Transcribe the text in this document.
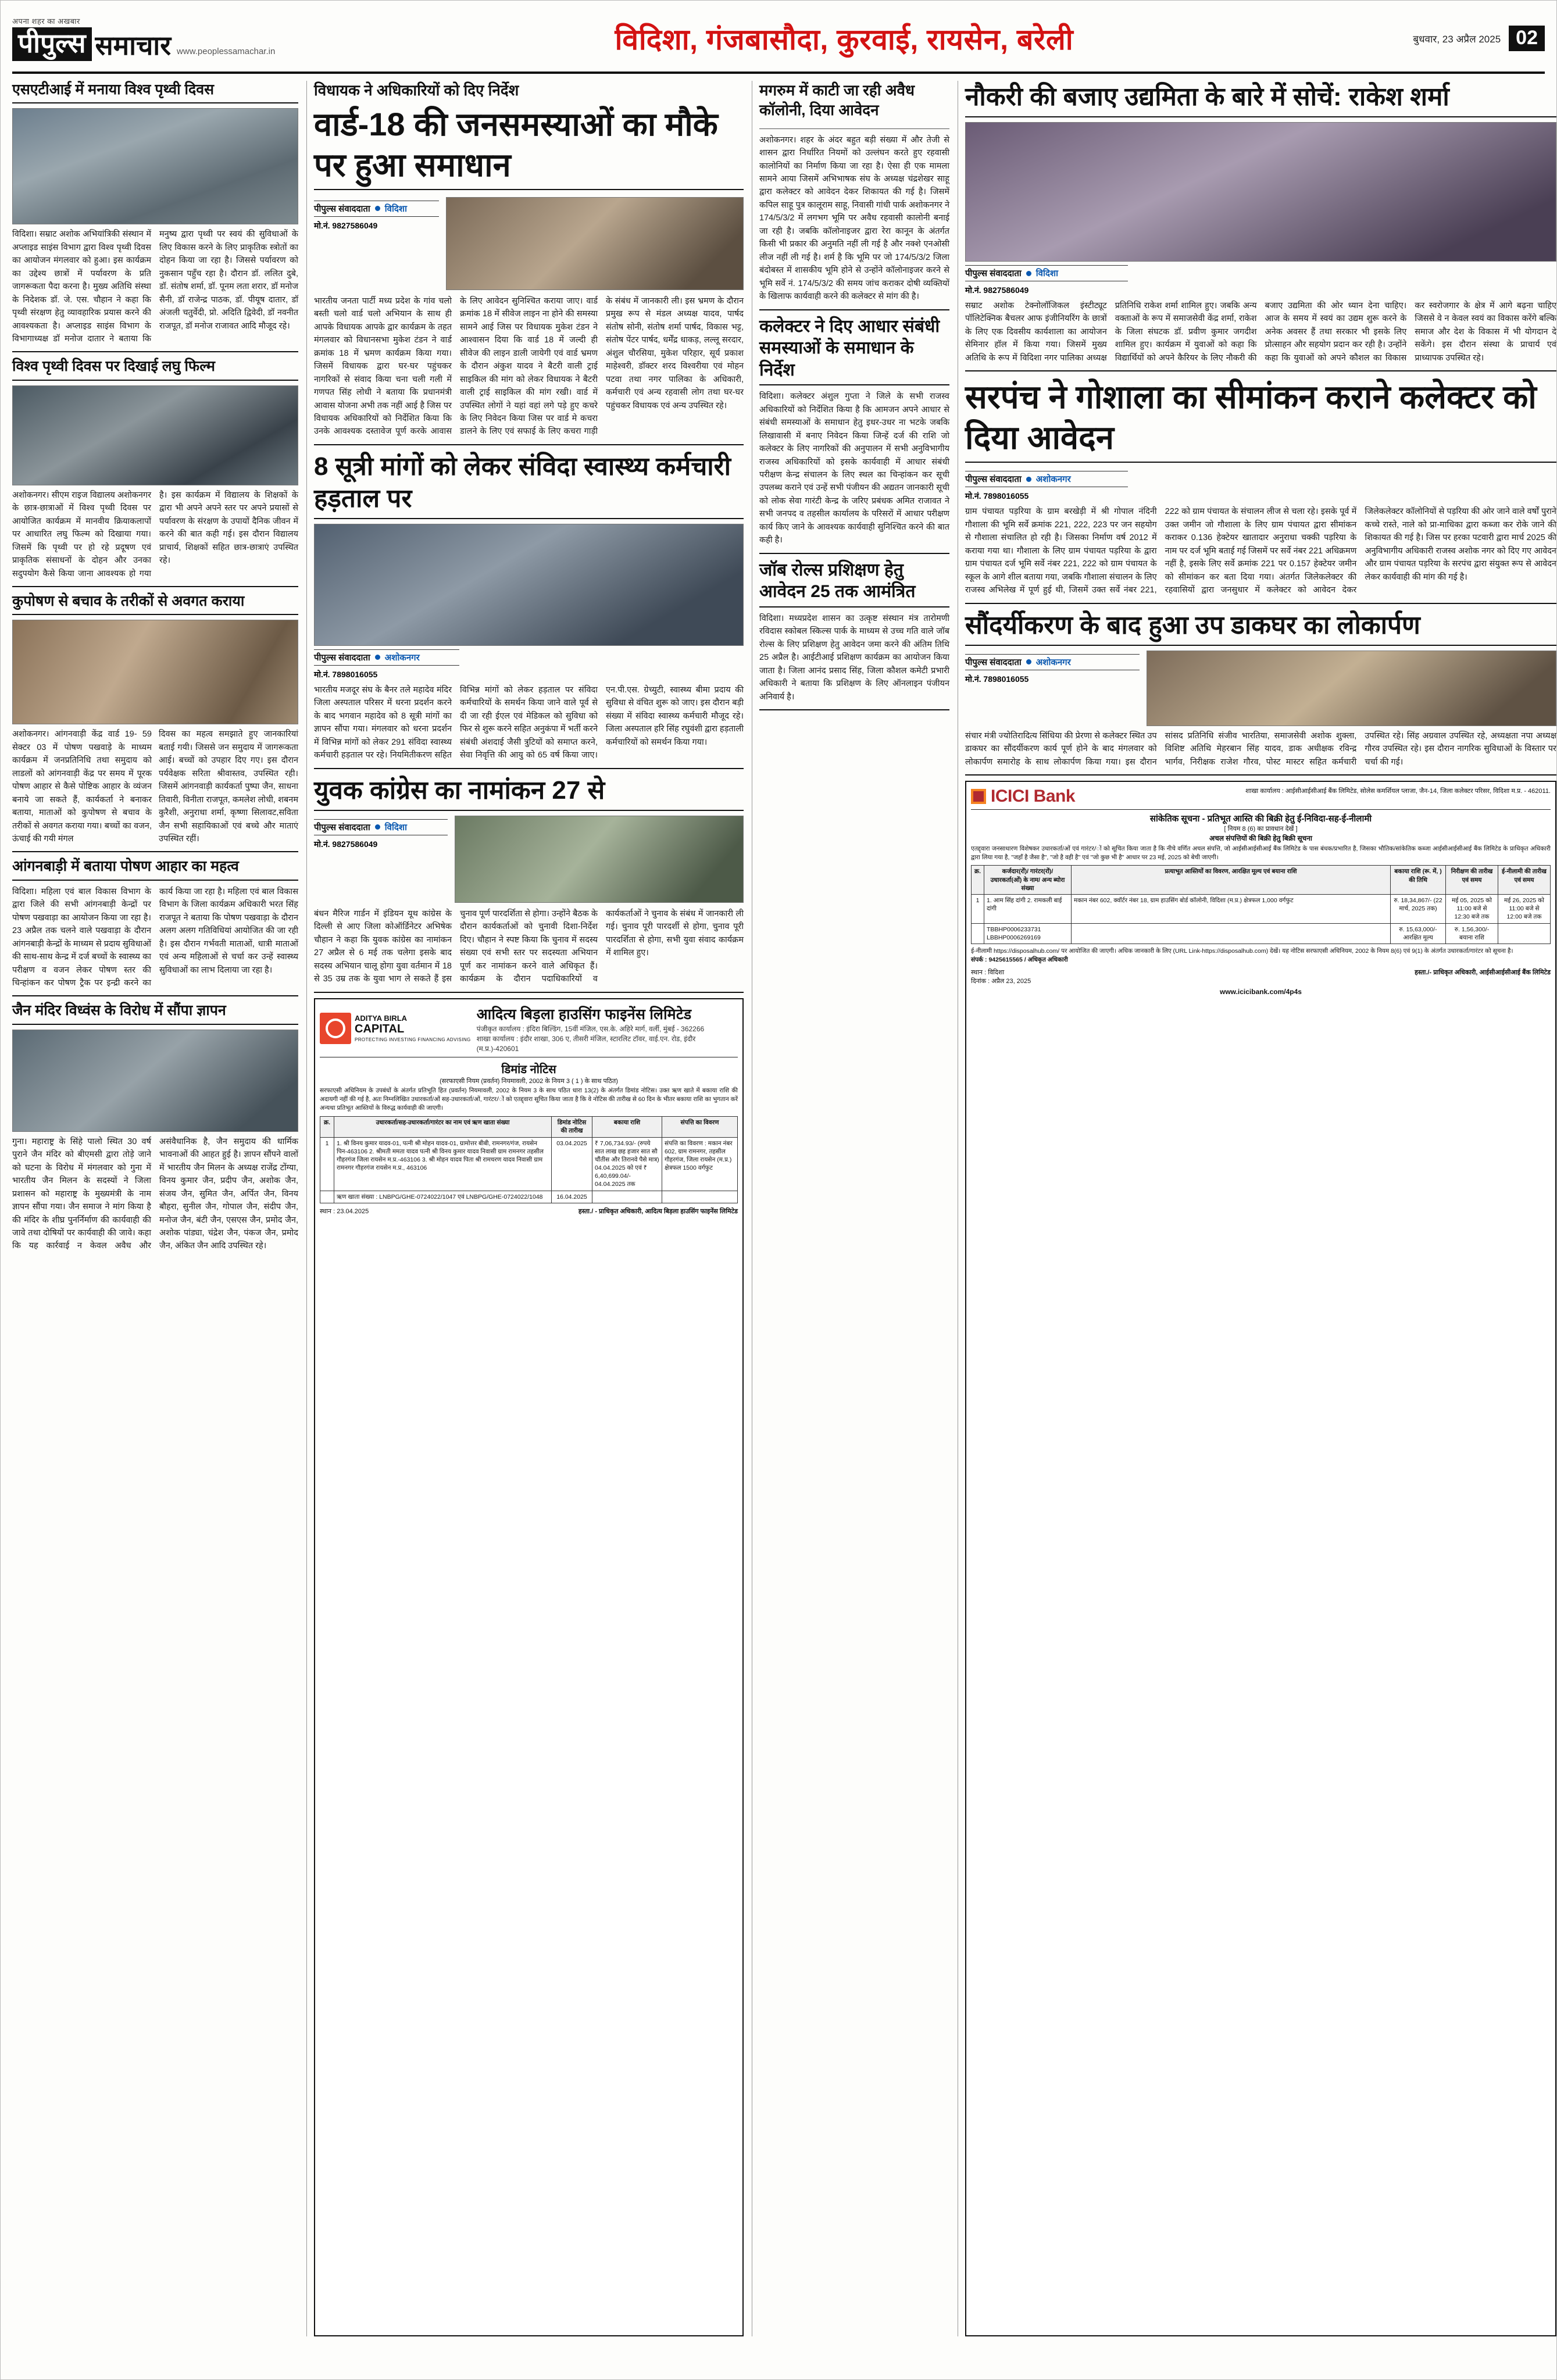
अपना शहर का अखबार
पीपुल्स समाचार www.peoplessamachar.in	विदिशा, गंजबासौदा, कुरवाई, रायसेन, बरेली	बुधवार, 23 अप्रैल 2025 02
एसएटीआई में मनाया विश्व पृथ्वी दिवस
विदिशा। सम्राट अशोक अभियांत्रिकी संस्थान में अप्लाइड साइंस विभाग द्वारा विश्व पृथ्वी दिवस का आयोजन मंगलवार को हुआ। इस कार्यक्रम का उद्देश्य छात्रों में पर्यावरण के प्रति जागरूकता पैदा करना है। मुख्य अतिथि संस्था के निदेशक डॉ. जे. एस. चौहान ने कहा कि पृथ्वी संरक्षण हेतु व्यावहारिक प्रयास करने की आवश्यकता है। अप्लाइड साइंस विभाग के विभागाध्यक्ष डॉ मनोज दातार ने बताया कि मनुष्य द्वारा पृथ्वी पर स्वयं की सुविधाओं के लिए विकास करने के लिए प्राकृतिक स्त्रोतों का दोहन किया जा रहा है। जिससे पर्यावरण को नुकसान पहुँच रहा है। दौरान डॉ. ललित दुबे, डॉ. संतोष शर्मा, डॉ. पूनम लता शरार, डॉ मनोज सैनी, डॉ राजेन्द्र पाठक, डॉ. पीयूष दातार, डॉ अंजली चतुर्वेदी, प्रो. अदिति द्विवेदी, डॉ नवनीत राजपूत, डॉ मनोज राजावत आदि मौजूद रहे।
विश्व पृथ्वी दिवस पर दिखाई लघु फिल्म
अशोकनगर। सीएम राइज विद्यालय अशोकनगर के छात्र-छात्राओं में विश्व पृथ्वी दिवस पर आयोजित कार्यक्रम में मानवीय क्रियाकलापों पर आधारित लघु फिल्म को दिखाया गया। जिसमें कि पृथ्वी पर हो रहे प्रदूषण एवं प्राकृतिक संसाधनों के दोहन और उनका सदुपयोग कैसे किया जाना आवश्यक हो गया है। इस कार्यक्रम में विद्यालय के शिक्षकों के द्वारा भी अपने अपने स्तर पर अपने प्रयासों से पर्यावरण के संरक्षण के उपायों दैनिक जीवन में करने की बात कही गई। इस दौरान विद्यालय प्राचार्य, शिक्षकों सहित छात्र-छात्राएं उपस्थित रहे।
कुपोषण से बचाव के तरीकों से अवगत कराया
अशोकनगर। आंगनवाड़ी केंद्र वार्ड 19- 59 सेक्टर 03 में पोषण पखवाड़े के माध्यम कार्यक्रम में जनप्रतिनिधि तथा समुदाय को लाडलों को आंगनवाड़ी केंद्र पर समय में पूरक पोषण आहार से कैसे पोष्टिक आहार के व्यंजन बनाये जा सकते हैं, कार्यकर्ता ने बनाकर बताया, माताओं को कुपोषण से बचाव के तरीकों से अवगत कराया गया। बच्चों का वजन, ऊंचाई की गयी मंगल
दिवस का महत्व समझाते हुए जानकारियां बताई गयी। जिससे जन समुदाय में जागरूकता आई। बच्चों को उपहार दिए गए। इस दौरान पर्यवेक्षक सरिता श्रीवास्तव, उपस्थित रही। जिसमें आंगनवाड़ी कार्यकर्ता पुष्पा जैन, साधना तिवारी, विनीता राजपूत, कमलेश लोधी, शबनम कुरैशी, अनुराधा शर्मा, कृष्णा सिलावट,सविता जैन सभी सहायिकाओं एवं बच्चे और माताएं उपस्थित रहीं।
आंगनबाड़ी में बताया पोषण आहार का महत्व
विदिशा। महिला एवं बाल विकास विभाग के द्वारा जिले की सभी आंगनबाड़ी केन्द्रों पर पोषण पखवाड़ा का आयोजन किया जा रहा है। 23 अप्रैल तक चलने वाले पखवाड़ा के दौरान आंगनबाड़ी केन्द्रों के माध्यम से प्रदाय सुविधाओं की साथ-साथ केन्द्र में दर्ज बच्चों के स्वास्थ्य का परीक्षण व वजन लेकर पोषण स्तर की चिन्हांकन कर पोषण ट्रैक पर इन्द्री करने का कार्य किया जा रहा है। महिला एवं बाल विकास विभाग के जिला कार्यक्रम अधिकारी भरत सिंह राजपूत ने बताया कि पोषण पखवाड़ा के दौरान अलग अलग गतिविधियां आयोजित की जा रही है। इस दौरान गर्भवती माताओं, धात्री माताओं एवं अन्य महिलाओं से चर्चा कर उन्हें स्वास्थ्य सुविधाओं का लाभ दिलाया जा रहा है।
जैन मंदिर विध्वंस के विरोध में सौंपा ज्ञापन
गुना। महाराष्ट्र के सिंहे पालो स्थित 30 वर्ष पुराने जैन मंदिर को बीएमसी द्वारा तोड़े जाने को घटना के विरोध में मंगलवार को गुना में भारतीय जैन मिलन के सदस्यों ने जिला प्रशासन को महाराष्ट्र के मुख्यमंत्री के नाम ज्ञापन सौंपा गया। जैन समाज ने मांग किया है की मंदिर के शीघ्र पुनर्निर्माण की कार्यवाही की जावे तथा दोषियों पर कार्यवाही की जावे। कहा कि यह कार्रवाई न केवल अवैध और असंवैधानिक है, जैन समुदाय की धार्मिक भावनाओं की आहत हुई है। ज्ञापन सौंपने वालों में भारतीय जैन मिलन के अध्यक्ष राजेंद्र टोंग्या, विनय कुमार जैन, प्रदीप जैन, अशोक जैन, संजय जैन, सुमित जैन, अर्पित जैन, विनय बौहरा, सुनील जैन, गोपाल जैन, संदीप जैन, मनोज जैन, बंटी जैन, एसएस जैन, प्रमोद जैन, अशोक पांड्या, चंद्रेश जैन, पंकज जैन, प्रमोद जैन, अंकित जैन आदि उपस्थित रहे।
विधायक ने अधिकारियों को दिए निर्देश
वार्ड-18 की जनसमस्याओं का मौके पर हुआ समाधान
पीपुल्स संवाददाता विदिशा
मो.नं. 9827586049
भारतीय जनता पार्टी मध्य प्रदेश के गांव चलो बस्ती चलो वार्ड चलो अभियान के साथ ही आपके विधायक आपके द्वार कार्यक्रम के तहत मंगलवार को विधानसभा मुकेश टंडन ने वार्ड क्रमांक 18 में भ्रमण कार्यक्रम किया गया। जिसमें विधायक द्वारा घर-घर पहुंचकर नागरिकों से संवाद किया चना चली गली में गणपत सिंह लोधी ने बताया कि प्रधानमंत्री आवास योजना अभी तक नहीं आई है जिस पर विधायक अधिकारियों को निर्देशित किया कि उनके आवश्यक दस्तावेज पूर्ण करके आवास के लिए आवेदन सुनिश्चित कराया जाए। वार्ड क्रमांक 18 में सीवेज लाइन ना होने की समस्या सामने आई जिस पर विधायक मुकेश टंडन ने आश्वासन दिया कि वार्ड 18 में जल्दी ही सीवेज की लाइन डाली जायेगी एवं वार्ड भ्रमण के दौरान अंकुश यादव ने बैटरी वाली ट्राई साइकिल की मांग को लेकर विधायक ने बैटरी वाली ट्राई साइकिल की मांग रखी। वार्ड में उपस्थित लोगों ने यहां वहां लगे पड़े हुए कचरे के लिए निवेदन किया जिस पर वार्ड मे कचरा डालने के लिए एवं सफाई के लिए कचरा गाड़ी के संबंध में जानकारी ली। इस भ्रमण के दौरान प्रमुख रूप से मंडल अध्यक्ष यादव, पार्षद संतोष सोनी, संतोष शर्मा पार्षद, विकास भट्ट, संतोष पेंटर पार्षद, धर्मेंद्र धाकड़, लल्लू सरदार, अंशुल चौरसिया, मुकेश परिहार, सूर्य प्रकाश माहेश्वरी, डॉक्टर शरद विश्वरीया एवं मोहन पटवा तथा नगर पालिका के अधिकारी, कर्मचारी एवं अन्य रहवासी लोग तथा घर-घर पहुंचकर विधायक एवं अन्य उपस्थित रहे।
8 सूत्री मांगों को लेकर संविदा स्वास्थ्य कर्मचारी हड़ताल पर
पीपुल्स संवाददाता अशोकनगर
मो.नं. 7898016055
भारतीय मजदूर संघ के बैनर तले महादेव मंदिर जिला अस्पताल परिसर में धरना प्रदर्शन करने के बाद भगवान महादेव को 8 सूत्री मांगों का ज्ञापन सौंपा गया। मंगलवार को धरना प्रदर्शन में विभिन्न मांगों को लेकर 291 संविदा स्वास्थ्य कर्मचारी हड़ताल पर रहे। नियमितीकरण सहित विभिन्न मांगों को लेकर हड़ताल पर संविदा कर्मचारियों के समर्थन किया जाने वाले पूर्व से दी जा रही ईएल एवं मेडिकल को सुविधा को फिर से शुरू करने सहित अनुकंपा में भर्ती करने संबंधी अंशदाई जैसी त्रुटियों को समाप्त करने, सेवा निवृत्ति की आयु को 65 वर्ष किया जाए। एन.पी.एस. ग्रेच्युटी, स्वास्थ्य बीमा प्रदाय की सुविधा से वंचित शुरू को जाए। इस दौरान बड़ी संख्या में संविदा स्वास्थ्य कर्मचारी मौजूद रहे। जिला अस्पताल हरि सिंह रघुवंशी द्वारा हड़ताली कर्मचारियों को समर्थन किया गया।
युवक कांग्रेस का नामांकन 27 से
पीपुल्स संवाददाता विदिशा
मो.नं. 9827586049
बंधन मैरिज गार्डन में इंडियन यूथ कांग्रेस के दिल्ली से आए जिला कोऑर्डिनेटर अभिषेक चौहान ने कहा कि युवक कांग्रेस का नामांकन 27 अप्रैल से 6 मई तक चलेगा इसके बाद सदस्य अभियान चालू होगा युवा वर्तमान में 18 से 35 उम्र तक के युवा भाग ले सकते हैं इस चुनाव पूर्ण पारदर्शिता से होगा। उन्होंने बैठक के दौरान कार्यकर्ताओं को चुनावी दिशा-निर्देश दिए। चौहान ने स्पष्ट किया कि चुनाव में सदस्य संख्या एवं सभी स्तर पर सदस्यता अभियान पूर्ण कर नामांकन करने वाले अधिकृत हैं। कार्यक्रम के दौरान पदाधिकारियों व कार्यकर्ताओं ने चुनाव के संबंध में जानकारी ली गई। चुनाव पूरी पारदर्शी से होगा, चुनाव पूरी पारदर्शिता से होगा, सभी युवा संवाद कार्यक्रम में शामिल हुए।
ADITYA BIRLA
CAPITAL
PROTECTING INVESTING FINANCING ADVISING
आदित्य बिड़ला हाउसिंग फाइनेंस लिमिटेड
पंजीकृत कार्यालय : इंदिरा बिल्डिंग, 15वीं मंजिल, एस.के. अहिरे मार्ग, वर्ली, मुंबई - 362266
शाखा कार्यालय : इंदौर शाखा, 306 ए, तीसरी मंजिल, स्टारलिट टॉवर, वाई.एन. रोड, इंदौर (म.प्र.)-420601
डिमांड नोटिस
(सरफाएसी नियम (प्रवर्तन) नियमावली, 2002 के नियम 3 ( 1 ) के साथ पठित)
सरफाएसी अधिनियम के उपबंधों के अंतर्गत प्रतिभूति हित (प्रवर्तन) नियमावली, 2002 के नियम 3 के साथ पठित धारा 13(2) के अंतर्गत डिमांड नोटिस। उक्त ऋण खाते में बकाया राशि की अदायगी नहीं की गई है, अतः निम्नलिखित उधारकर्ता/ओं सह-उधारकर्ता/ओं, गारंटर/ों को एतद्द्वारा सूचित किया जाता है कि वे नोटिस की तारीख से 60 दिन के भीतर बकाया राशि का भुगतान करें अन्यथा प्रतिभूत आस्तियों के विरुद्ध कार्यवाही की जाएगी।
क्र.	उधारकर्ता/सह-उधारकर्ता/गारंटर का नाम एवं ऋण खाता संख्या	डिमांड नोटिस की तारीख	बकाया राशि	संपत्ति का विवरण
1	1. श्री विनय कुमार यादव-01, पत्नी श्री मोहन यादव-01, ग्रामोत्तर बीबी, रामनगर/गंज, रायसेन पिन-463106 2. श्रीमती ममता यादव पत्नी श्री विनय कुमार यादव निवासी ग्राम रामनगर तहसील गौहरगंज जिला रायसेन म.प्र.-463106 3. श्री मोहन यादव पिता श्री रामचरण यादव निवासी ग्राम रामनगर गौहरगंज रायसेन म.प्र., 463106	03.04.2025	₹ 7,06,734.93/- (रुपये सात लाख छह हजार सात सौ चौंतीस और तिरानवे पैसे मात्र) 04.04.2025 को एवं ₹ 6,40,699.04/- 04.04.2025 तक	संपत्ति का विवरण : मकान नंबर 602, ग्राम रामनगर, तहसील गौहरगंज, जिला रायसेन (म.प्र.) क्षेत्रफल 1500 वर्गफुट
	ऋण खाता संख्या : LNBPG/GHE-0724022/1047 एवं LNBPG/GHE-0724022/1048	16.04.2025		
स्थान : 23.04.2025	हस्ता./ - प्राधिकृत अधिकारी, आदित्य बिड़ला हाउसिंग फाइनेंस लिमिटेड
मगरुम में काटी जा रही अवैध कॉलोनी, दिया आवेदन
अशोकनगर। शहर के अंदर बहुत बड़ी संख्या में और तेजी से शासन द्वारा निर्धारित नियमों को उल्लंघन करते हुए रहवासी कालोनियों का निर्माण किया जा रहा है। ऐसा ही एक मामला सामने आया जिसमें अभिभाषक संघ के अध्यक्ष चंद्रशेखर साहू द्वारा कलेक्टर को आवेदन देकर शिकायत की गई है। जिसमें कपिल साहू पुत्र कालूराम साहू, निवासी गांधी पार्क अशोकनगर ने 174/5/3/2 में लगभग भूमि पर अवैध रहवासी कालोनी बनाई जा रही है। जबकि कॉलोनाइजर द्वारा रेरा कानून के अंतर्गत किसी भी प्रकार की अनुमति नहीं ली गई है और नक्शे एनओसी लीज नहीं ली गई है। शर्म है कि भूमि पर जो 174/5/3/2 जिला बंदोबस्त में शासकीय भूमि होने से उन्होंने कॉलोनाइजर करने से भूमि सर्वे नं. 174/5/3/2 की समय जांच कराकर दोषी व्यक्तियों के खिलाफ कार्यवाही करने की कलेक्टर से मांग की है।
कलेक्टर ने दिए आधार संबंधी समस्याओं के समाधान के निर्देश
विदिशा। कलेक्टर अंशुल गुप्ता ने जिले के सभी राजस्व अधिकारियों को निर्देशित किया है कि आमजन अपने आधार से संबंधी समस्याओं के समाधान हेतु इधर-उधर ना भटके जबकि लिखावासी में बनाए निवेदन किया जिन्हें दर्ज की राशि जो कलेक्टर के लिए नागरिकों की अनुपालन में सभी अनुविभागीय राजस्व अधिकारियों को इसके कार्यवाही में आधार संबंधी परीक्षण केन्द्र संचालन के लिए स्थल का चिन्हांकन कर सूची उपलब्ध कराने एवं उन्हें सभी पंजीयन की अद्यतन जानकारी सूची को लोक सेवा गारंटी केन्द्र के जरिए प्रबंधक अमित राजावत ने सभी जनपद व तहसील कार्यालय के परिसरों में आधार परीक्षण कार्य किए जाने के आवश्यक कार्यवाही सुनिश्चित करने की बात कही है।
जॉब रोल्स प्रशिक्षण हेतु आवेदन 25 तक आमंत्रित
विदिशा। मध्यप्रदेश शासन का उत्कृष्ट संस्थान मंत्र तारोमणी रविदास स्कोबल स्किल्स पार्क के माध्यम से उच्च गति वाले जॉब रोल्स के लिए प्रशिक्षण हेतु आवेदन जमा करने की अंतिम तिथि 25 अप्रैल है। आईटीआई प्रशिक्षण कार्यक्रम का आयोजन किया जाता है। जिला आनंद प्रसाद सिंह, जिला कौशल कमेटी प्रभारी अधिकारी ने बताया कि प्रशिक्षण के लिए ऑनलाइन पंजीयन अनिवार्य है।
नौकरी की बजाए उद्यमिता के बारे में सोचें: राकेश शर्मा
पीपुल्स संवाददाता विदिशा
मो.नं. 9827586049
सम्राट अशोक टेक्नोलॉजिकल इंस्टीट्यूट पॉलिटेक्निक बैचलर आफ इंजीनियरिंग के छात्रों के लिए एक दिवसीय कार्यशाला का आयोजन सेमिनार हॉल में किया गया। जिसमें मुख्य अतिथि के रूप में विदिशा नगर पालिका अध्यक्ष प्रतिनिधि राकेश शर्मा शामिल हुए। जबकि अन्य वक्ताओं के रूप में समाजसेवी केंद्र शर्मा, राकेश के जिला संघटक डॉ. प्रवीण कुमार जगदीश शामिल हुए। कार्यक्रम में युवाओं को कहा कि विद्यार्थियों को अपने कैरियर के लिए नौकरी की बजाए उद्यमिता की ओर ध्यान देना चाहिए। आज के समय में स्वयं का उद्यम शुरू करने के अनेक अवसर हैं तथा सरकार भी इसके लिए प्रोत्साहन और सहयोग प्रदान कर रही है। उन्होंने कहा कि युवाओं को अपने कौशल का विकास कर स्वरोजगार के क्षेत्र में आगे बढ़ना चाहिए जिससे वे न केवल स्वयं का विकास करेंगे बल्कि समाज और देश के विकास में भी योगदान दे सकेंगे। इस दौरान संस्था के प्राचार्य एवं प्राध्यापक उपस्थित रहे।
सरपंच ने गोशाला का सीमांकन कराने कलेक्टर को दिया आवेदन
पीपुल्स संवाददाता अशोकनगर
मो.नं. 7898016055
ग्राम पंचायत पड़रिया के ग्राम बरखेड़ी में श्री गोपाल नंदिनी गौशाला की भूमि सर्वे क्रमांक 221, 222, 223 पर जन सहयोग से गौशाला संचालित हो रही है। जिसका निर्माण वर्ष 2012 में कराया गया था। गौशाला के लिए ग्राम पंचायत पड़रिया के द्वारा ग्राम पंचायत दर्ज भूमि सर्वे नंबर 221, 222 को ग्राम पंचायत के स्कूल के आगे शील बताया गया, जबकि गौशाला संचालन के लिए राजस्व अभिलेख में पूर्ण हुई थी, जिसमें उक्त सर्वे नंबर 221, 222 को ग्राम पंचायत के संचालन लीज से चला रहे। इसके पूर्व में उक्त जमीन जो गौशाला के लिए ग्राम पंचायत द्वारा सीमांकन कराकर 0.136 हेक्टेयर खातादार अनुराधा चक्की पड़रिया के नाम पर दर्ज भूमि बताई गई जिसमें पर सर्वे नंबर 221 अधिक्रमण नहीं है, इसके लिए सर्वे क्रमांक 221 पर 0.157 हेक्टेयर जमीन को सीमांकन कर बता दिया गया। अंतर्गत जिलेकलेक्टर की रहवासियों द्वारा जनसुधार में कलेक्टर को आवेदन देकर जिलेकलेक्टर कॉलोनियों से पड़रिया की ओर जाने वाले वर्षों पुराने कच्चे रास्ते, नाले को प्रा-माधिका द्वारा कब्जा कर रोके जाने की शिकायत की गई है। जिस पर हरका पटवारी द्वारा मार्च 2025 की अनुविभागीय अधिकारी राजस्व अशोक नगर को दिए गए आवेदन और ग्राम पंचायत पड़रिया के सरपंच द्वारा संयुक्त रूप से आवेदन लेकर कार्यवाही की मांग की गई है।
सौंदर्यीकरण के बाद हुआ उप डाकघर का लोकार्पण
पीपुल्स संवाददाता अशोकनगर
मो.नं. 7898016055
संचार मंत्री ज्योतिरादित्य सिंधिया की प्रेरणा से कलेक्टर स्थित उप डाकघर का सौंदर्यीकरण कार्य पूर्ण होने के बाद मंगलवार को लोकार्पण समारोह के साथ लोकार्पण किया गया। इस दौरान सांसद प्रतिनिधि संजीव भारतिया, समाजसेवी अशोक शुक्ला, विशिष्ट अतिथि मेहरबान सिंह यादव, डाक अधीक्षक रविन्द्र भार्गव, निरीक्षक राजेश गौरव, पोस्ट मास्टर सहित कर्मचारी उपस्थित रहे। सिंह अग्रवाल उपस्थित रहे, अध्यक्षता नपा अध्यक्ष गौरव उपस्थित रहे। इस दौरान नागरिक सुविधाओं के विस्तार पर चर्चा की गई।
ICICI Bank	शाखा कार्यालय : आईसीआईसीआई बैंक लिमिटेड, सोलेस कमर्शियल प्लाजा, जैन-14, जिला कलेक्टर परिसर, विदिशा म.प्र. - 462011.
सांकेतिक सूचना - प्रतिभूत आस्ति की बिक्री हेतु ई-निविदा-सह-ई-नीलामी
[ नियम 8 (6) का प्रावधान देखें ]
अचल संपत्तियों की बिक्री हेतु बिक्री सूचना
एतद्द्वारा जनसाधारण विशेषकर उधारकर्ता/ओं एवं गारंटर/ों को सूचित किया जाता है कि नीचे वर्णित अचल संपत्ति, जो आईसीआईसीआई बैंक लिमिटेड के पास बंधक/प्रभारित है, जिसका भौतिक/सांकेतिक कब्जा आईसीआईसीआई बैंक लिमिटेड के प्राधिकृत अधिकारी द्वारा लिया गया है, "जहाँ है जैसा है", "जो है वही है" एवं "जो कुछ भी है" आधार पर 23 मई, 2025 को बेची जाएगी।
क्र.	कर्जदार(रों)/ गारंटर(रों)/ उधारकर्ता(ओं) के नाम/ अन्य ब्योरा संख्या	प्रत्याभूत आस्तियों का विवरण, आरक्षित मूल्य एवं बयाना राशि	बकाया राशि (रू. में, ) की तिथि	निरीक्षण की तारीख एवं समय	ई-नीलामी की तारीख एवं समय
1	1. आम सिंह दांगी 2. रामकली बाई दांगी	मकान नंबर 602, क्वॉर्टर नंबर 18, ग्राम हाउसिंग बोर्ड कॉलोनी, विदिशा (म.प्र.) क्षेत्रफल 1,000 वर्गफुट	रु. 18,34,867/- (22 मार्च, 2025 तक)	मई 05, 2025 को 11:00 बजे से 12:30 बजे तक	मई 26, 2025 को 11:00 बजे से 12:00 बजे तक
	TBBHP0006233731 LBBHP0006269169		रु. 15,63,000/- आरक्षित मूल्य	रु. 1,56,300/- बयाना राशि	
ई-नीलामी https://disposalhub.com/ पर आयोजित की जाएगी। अधिक जानकारी के लिए (URL Link-https://disposalhub.com) देखें। यह नोटिस सरफाएसी अधिनियम, 2002 के नियम 8(6) एवं 9(1) के अंतर्गत उधारकर्ता/गारंटर को सूचना है।
संपर्क : 9425615565 / अधिकृत अधिकारी
स्थान : विदिशा
दिनांक : अप्रैल 23, 2025
हस्ता./- प्राधिकृत अधिकारी, आईसीआईसीआई बैंक लिमिटेड
www.icicibank.com/4p4s
